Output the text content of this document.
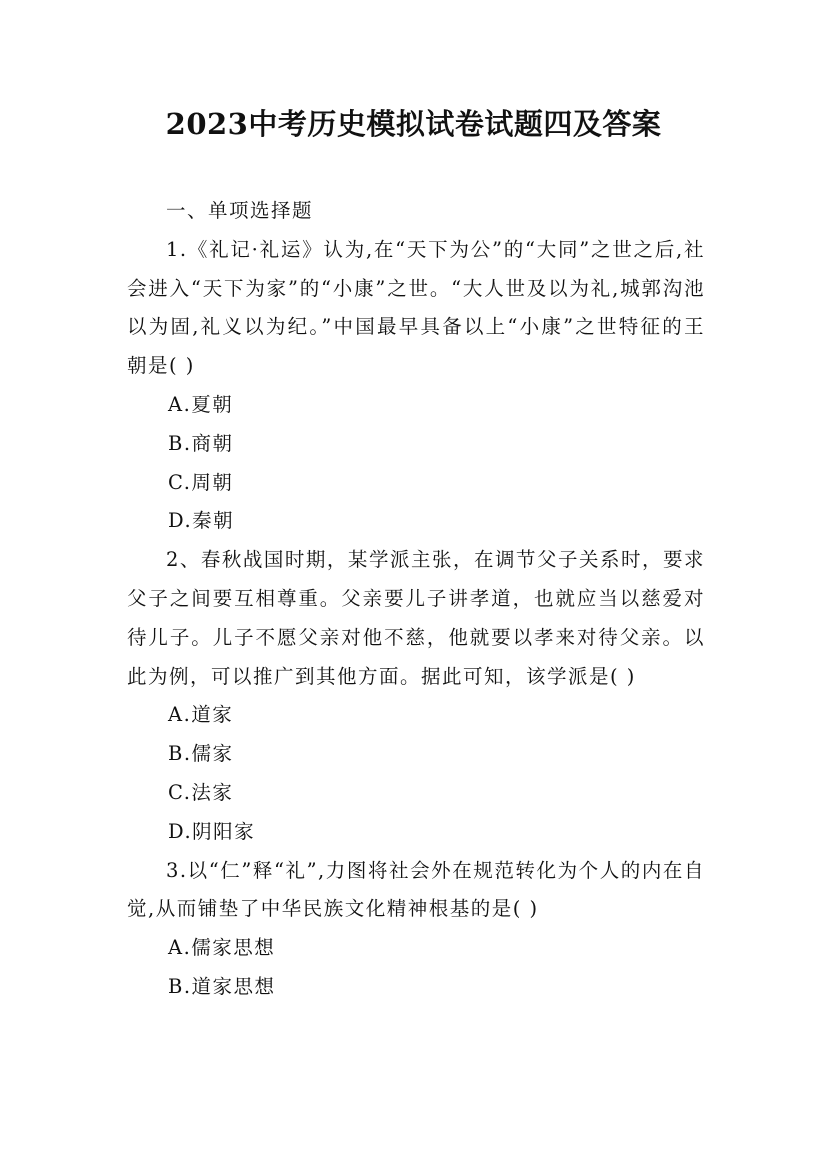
2023中考历史模拟试卷试题四及答案

一、单项选择题

1.《礼记·礼运》认为,在“天下为公”的“大同”之世之后,社会进入“天下为家”的“小康”之世。“大人世及以为礼,城郭沟池以为固,礼义以为纪。”中国最早具备以上“小康”之世特征的王朝是( )

A.夏朝

B.商朝

C.周朝

D.秦朝

2、春秋战国时期，某学派主张，在调节父子关系时，要求父子之间要互相尊重。父亲要儿子讲孝道，也就应当以慈爱对待儿子。儿子不愿父亲对他不慈，他就要以孝来对待父亲。以此为例，可以推广到其他方面。据此可知，该学派是( )

A.道家

B.儒家

C.法家

D.阴阳家

3.以“仁”释“礼”,力图将社会外在规范转化为个人的内在自觉,从而铺垫了中华民族文化精神根基的是( )

A.儒家思想

B.道家思想
